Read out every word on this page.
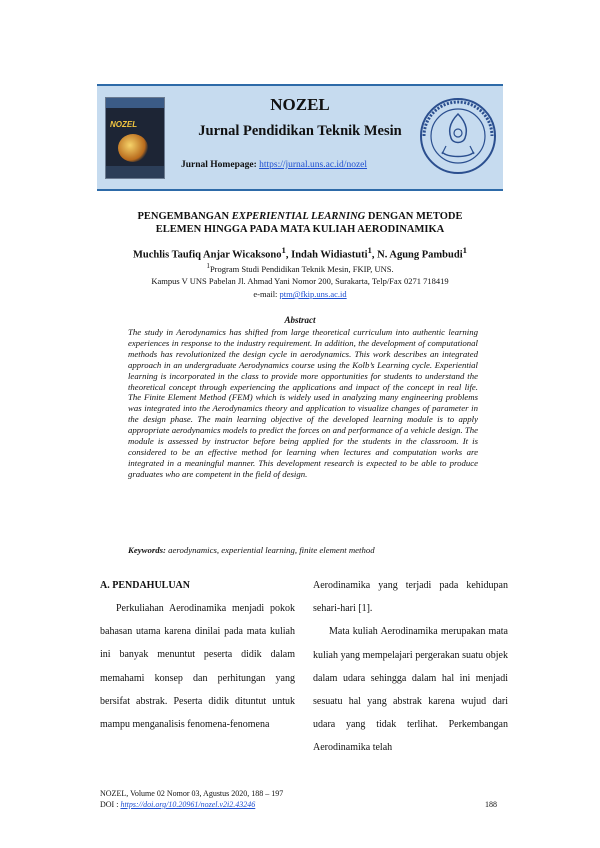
NOZEL
NOZEL
Jurnal Pendidikan Teknik Mesin
Jurnal Homepage: https://jurnal.uns.ac.id/nozel
PENGEMBANGAN EXPERIENTIAL LEARNING DENGAN METODE
ELEMEN HINGGA PADA MATA KULIAH AERODINAMIKA
Muchlis Taufiq Anjar Wicaksono$^1$, Indah Widiastuti$^1$, N. Agung Pambudi$^1$
$^1$Program Studi Pendidikan Teknik Mesin, FKIP, UNS.
Kampus V UNS Pabelan Jl. Ahmad Yani Nomor 200, Surakarta, Telp/Fax 0271 718419
e-mail: ptm@fkip.uns.ac.id
Abstract
The study in Aerodynamics has shifted from large theoretical curriculum into authentic learning experiences in response to the industry requirement. In addition, the development of computational methods has revolutionized the design cycle in aerodynamics. This work describes an integrated approach in an undergraduate Aerodynamics course using the Kolb’s Learning cycle. Experiential learning is incorporated in the class to provide more opportunities for students to understand the theoretical concept through experiencing the applications and impact of the concept in real life. The Finite Element Method (FEM) which is widely used in analyzing many engineering problems was integrated into the Aerodynamics theory and application to visualize changes of parameter in the design phase. The main learning objective of the developed learning module is to apply appropriate aerodynamics models to predict the forces on and performance of a vehicle design. The module is assessed by instructor before being applied for the students in the classroom. It is considered to be an effective method for learning when lectures and computation works are integrated in a meaningful manner. This development research is expected to be able to produce graduates who are competent in the field of design.
Keywords: aerodynamics, experiential learning, finite element method
A. PENDAHULUAN

Perkuliahan Aerodinamika menjadi pokok bahasan utama karena dinilai pada mata kuliah ini banyak menuntut peserta didik dalam memahami konsep dan perhitungan yang bersifat abstrak. Peserta didik dituntut untuk mampu menganalisis fenomena-fenomena

Aerodinamika yang terjadi pada kehidupan sehari-hari [1].

Mata kuliah Aerodinamika merupakan mata kuliah yang mempelajari pergerakan suatu objek dalam udara sehingga dalam hal ini menjadi sesuatu hal yang abstrak karena wujud dari udara yang tidak terlihat. Perkembangan Aerodinamika telah

NOZEL, Volume 02 Nomor 03, Agustus 2020, 188 – 197
DOI : https://doi.org/10.20961/nozel.v2i2.43246	188
